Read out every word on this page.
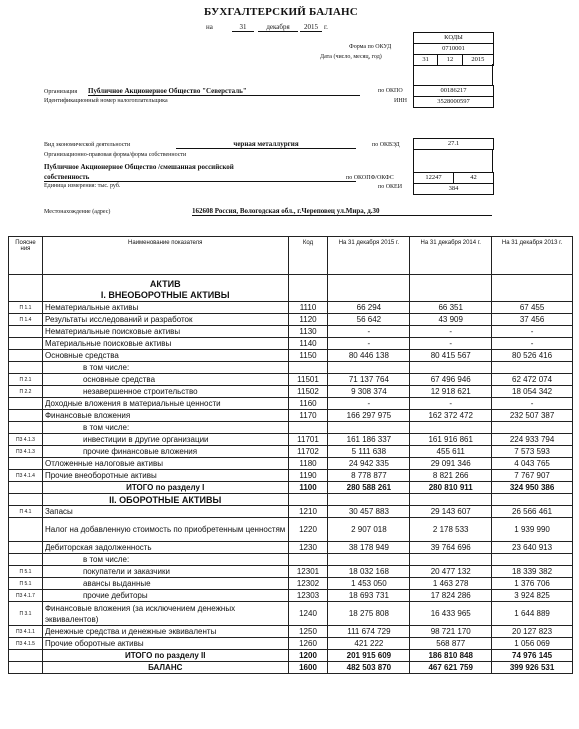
БУХГАЛТЕРСКИЙ БАЛАНС
на	31	декабря	2015 г.
КОДЫ
0710001
31	12	2015
Форма по ОКУД
Дата (число, месяц, год)
Организация Публичное Акционерное Общество "Северсталь"
Идентификационный номер налогоплательщика
по ОКПО
ИНН
00186217
3528000597
Вид экономической деятельности	черная металлургия	по ОКВЭД
Организационно-правовая форма/форма собственности
Публичное Акционерное Общество /смешанная российской
собственность	по ОКОПФ/ОКФС
Единица измерения: тыс. руб.	по ОКЕИ
27.1
12247	42
384
Местонахождение (адрес)	162608 Россия, Вологодская обл., г.Череповец ул.Мира, д.30
Поясне ния	Наименование показателя	Код	На 31 декабря 2015 г.	На 31 декабря 2014 г.	На 31 декабря 2013 г.

	АКТИВ
I. ВНЕОБОРОТНЫЕ АКТИВЫ				

П 1.1	Нематериальные активы	1110	66 294	66 351	67 455
П 1.4	Результаты исследований и разработок	1120	56 642	43 909	37 456
	Нематериальные поисковые активы	1130	-	-	-
	Материальные поисковые активы	1140	-	-	-
	Основные средства	1150	80 446 138	80 415 567	80 526 416
	в том числе:				
П 2.1	основные средства	11501	71 137 764	67 496 946	62 472 074
П 2.2	незавершенное строительство	11502	9 308 374	12 918 621	18 054 342
	Доходные вложения в материальные ценности	1160	-	-	-
	Финансовые вложения	1170	166 297 975	162 372 472	232 507 387
	в том числе:				
П3 4.1.3	инвестиции в другие организации	11701	161 186 337	161 916 861	224 933 794
П3 4.1.3	прочие финансовые вложения	11702	5 111 638	455 611	7 573 593
	Отложенные налоговые активы	1180	24 942 335	29 091 346	4 043 765
П3 4.1.4	Прочие внеоборотные активы	1190	8 778 877	8 821 266	7 767 907
	ИТОГО по разделу I	1100	280 588 261	280 810 911	324 950 386
	II. ОБОРОТНЫЕ АКТИВЫ				
П 4.1	Запасы	1210	30 457 883	29 143 607	26 566 461
	Налог на добавленную стоимость по приобретенным ценностям	1220	2 907 018	2 178 533	1 939 990
	Дебиторская задолженность	1230	38 178 949	39 764 696	23 640 913
	в том числе:				
П 5.1	покупатели и заказчики	12301	18 032 168	20 477 132	18 339 382
П 5.1	авансы выданные	12302	1 453 050	1 463 278	1 376 706
П3 4.1.7	прочие дебиторы	12303	18 693 731	17 824 286	3 924 825
П 3.1	Финансовые вложения (за исключением денежных эквивалентов)	1240	18 275 808	16 433 965	1 644 889
П3 4.1.1	Денежные средства и денежные эквиваленты	1250	111 674 729	98 721 170	20 127 823
П3 4.1.5	Прочие оборотные активы	1260	421 222	568 877	1 056 069
	ИТОГО по разделу II	1200	201 915 609	186 810 848	74 976 145
	БАЛАНС	1600	482 503 870	467 621 759	399 926 531
